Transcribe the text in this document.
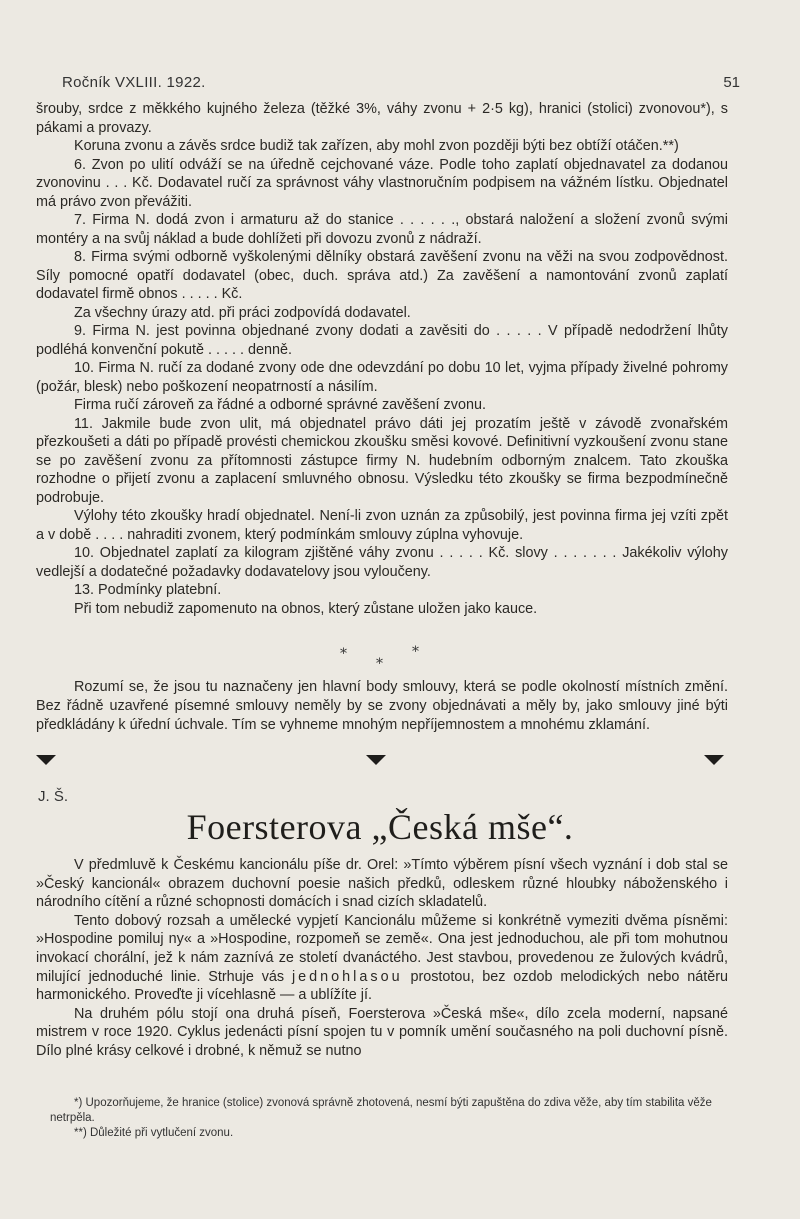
Ročník VXLIII. 1922.	51

šrouby, srdce z měkkého kujného železa (těžké 3%, váhy zvonu + 2·5 kg), hranici (stolici) zvonovou*), s pákami a provazy.

Koruna zvonu a závěs srdce budiž tak zařízen, aby mohl zvon později býti bez obtíží otáčen.**)

6. Zvon po ulití odváží se na úředně cejchované váze. Podle toho zaplatí objednavatel za dodanou zvonovinu . . . Kč. Dodavatel ručí za správnost váhy vlastnoručním podpisem na vážném lístku. Objednatel má právo zvon převážiti.

7. Firma N. dodá zvon i armaturu až do stanice . . . . . ., obstará naložení a složení zvonů svými montéry a na svůj náklad a bude dohlížeti při dovozu zvonů z nádraží.

8. Firma svými odborně vyškolenými dělníky obstará zavěšení zvonu na věži na svou zodpovědnost. Síly pomocné opatří dodavatel (obec, duch. správa atd.) Za zavěšení a namontování zvonů zaplatí dodavatel firmě obnos . . . . . Kč.

Za všechny úrazy atd. při práci zodpovídá dodavatel.

9. Firma N. jest povinna objednané zvony dodati a zavěsiti do . . . . . V případě nedodržení lhůty podléhá konvenční pokutě . . . . . denně.

10. Firma N. ručí za dodané zvony ode dne odevzdání po dobu 10 let, vyjma případy živelné pohromy (požár, blesk) nebo poškození neopatrností a násilím.

Firma ručí zároveň za řádné a odborné správné zavěšení zvonu.

11. Jakmile bude zvon ulit, má objednatel právo dáti jej prozatím ještě v závodě zvonařském přezkoušeti a dáti po případě provésti chemickou zkoušku směsi kovové. Definitivní vyzkoušení zvonu stane se po zavěšení zvonu za přítomnosti zástupce firmy N. hudebním odborným znalcem. Tato zkouška rozhodne o přijetí zvonu a zaplacení smluvného obnosu. Výsledku této zkoušky se firma bezpodmínečně podrobuje.

Výlohy této zkoušky hradí objednatel. Není-li zvon uznán za způsobilý, jest povinna firma jej vzíti zpět a v době . . . . nahraditi zvonem, který podmínkám smlouvy zúplna vyhovuje.

10. Objednatel zaplatí za kilogram zjištěné váhy zvonu . . . . . Kč. slovy . . . . . . . Jakékoliv výlohy vedlejší a dodatečné požadavky dodavatelovy jsou vyloučeny.

13. Podmínky platební.

Při tom nebudiž zapomenuto na obnos, který zůstane uložen jako kauce.

*
*
*

Rozumí se, že jsou tu naznačeny jen hlavní body smlouvy, která se podle okolností místních změní. Bez řádně uzavřené písemné smlouvy neměly by se zvony objednávati a měly by, jako smlouvy jiné býti předkládány k úřední úchvale. Tím se vyhneme mnohým nepříjemnostem a mnohému zklamání.

J. Š.
Foersterova „Česká mše“.

V předmluvě k Českému kancionálu píše dr. Orel: »Tímto výběrem písní všech vyznání i dob stal se »Český kancionál« obrazem duchovní poesie našich předků, odleskem různé hloubky náboženského i národního cítění a různé schopnosti domácích i snad cizích skladatelů.

Tento dobový rozsah a umělecké vypjetí Kancionálu můžeme si konkrétně vymeziti dvěma písněmi: »Hospodine pomiluj ny« a »Hospodine, rozpomeň se země«. Ona jest jednoduchou, ale při tom mohutnou invokací chorální, jež k nám zaznívá ze století dvanáctého. Jest stavbou, provedenou ze žulových kvádrů, milující jednoduché linie. Strhuje vás jednohlasou prostotou, bez ozdob melodických nebo nátěru harmonického. Proveďte ji vícehlasně — a ublížíte jí.

Na druhém pólu stojí ona druhá píseň, Foersterova »Česká mše«, dílo zcela moderní, napsané mistrem v roce 1920. Cyklus jedenácti písní spojen tu v pomník umění současného na poli duchovní písně. Dílo plné krásy celkové i drobné, k němuž se nutno

*) Upozorňujeme, že hranice (stolice) zvonová správně zhotovená, nesmí býti zapuštěna do zdiva věže, aby tím stabilita věže netrpěla.

**) Důležité při vytlučení zvonu.
